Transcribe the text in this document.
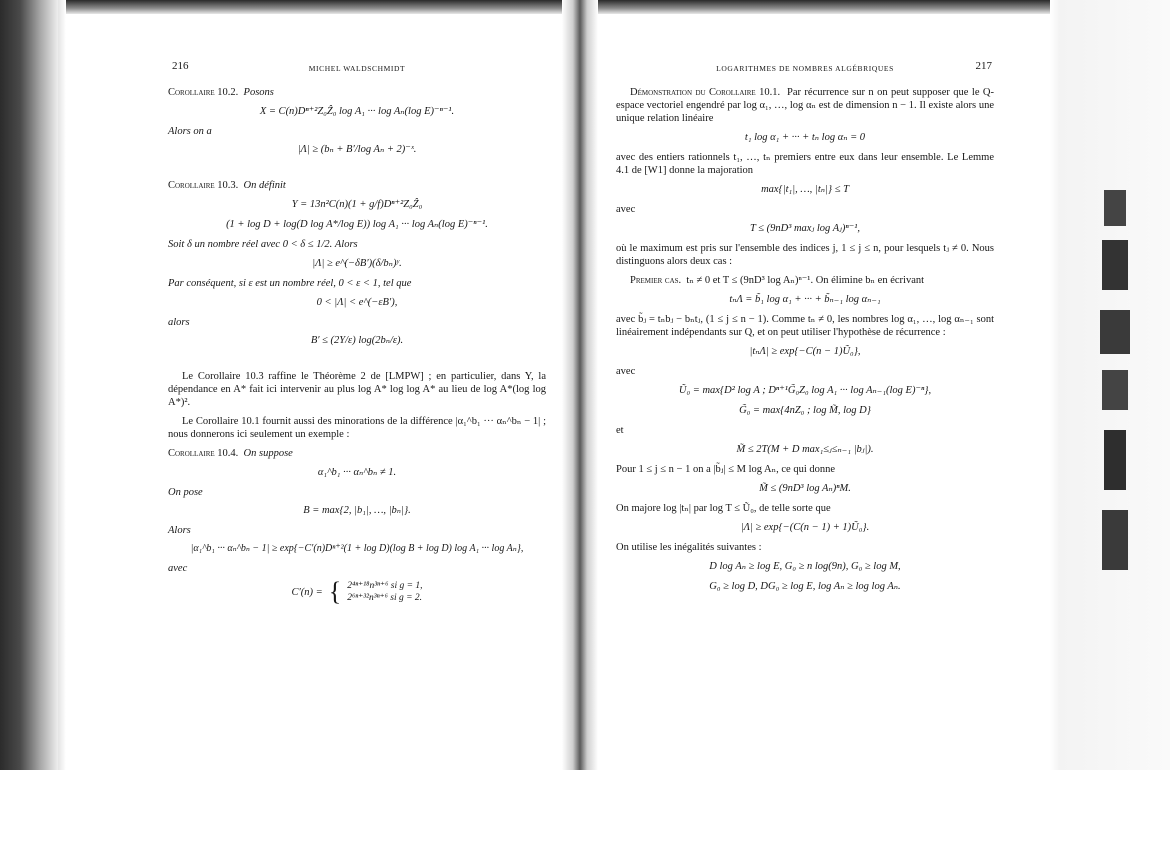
216	MICHEL WALDSCHMIDT
Corollaire 10.2. Posons
X = C(n)Dⁿ⁺²Z₀Ẑ₀ log A₁ ··· log Aₙ(log E)⁻ⁿ⁻¹.
Alors on a
|Λ| ≥ (bₙ + B′/log Aₙ + 2)⁻ˣ.
Corollaire 10.3. On définit
Y = 13n²C(n)(1 + g/f)Dⁿ⁺²Z₀Ẑ₀
(1 + log D + log(D log A*/log E)) log A₁ ··· log Aₙ(log E)⁻ⁿ⁻¹.
Soit δ un nombre réel avec 0 < δ ≤ 1/2. Alors
|Λ| ≥ e^(−δB′)(δ/bₙ)ʸ.
Par conséquent, si ε est un nombre réel, 0 < ε < 1, tel que
0 < |Λ| < e^(−εB′),
alors
B′ ≤ (2Y/ε) log(2bₙ/ε).
Le Corollaire 10.3 raffine le Théorème 2 de [LMPW] ; en particulier, dans Y, la dépendance en A* fait ici intervenir au plus log A* log log A* au lieu de log A*(log log A*)².
Le Corollaire 10.1 fournit aussi des minorations de la différence |α₁^b₁ ··· αₙ^bₙ − 1| ; nous donnerons ici seulement un exemple :
Corollaire 10.4. On suppose
α₁^b₁ ··· αₙ^bₙ ≠ 1.
On pose
B = max{2, |b₁|, …, |bₙ|}.
Alors
|α₁^b₁ ··· αₙ^bₙ − 1| ≥ exp{−C′(n)Dⁿ⁺²(1 + log D)(log B + log D) log A₁ ··· log Aₙ},
avec
C′(n) = { 2⁴ⁿ⁺¹⁸n³ⁿ⁺⁶ si g = 1,
2⁶ⁿ⁺³²n³ⁿ⁺⁶ si g = 2.
LOGARITHMES DE NOMBRES ALGÉBRIQUES	217
Démonstration du Corollaire 10.1. Par récurrence sur n on peut supposer que le Q-espace vectoriel engendré par log α₁, …, log αₙ est de dimension n − 1. Il existe alors une unique relation linéaire
t₁ log α₁ + ··· + tₙ log αₙ = 0
avec des entiers rationnels t₁, …, tₙ premiers entre eux dans leur ensemble. Le Lemme 4.1 de [W1] donne la majoration
max{|t₁|, …, |tₙ|} ≤ T
avec
T ≤ (9nD³ maxⱼ log Aⱼ)ⁿ⁻¹,
où le maximum est pris sur l'ensemble des indices j, 1 ≤ j ≤ n, pour lesquels tⱼ ≠ 0. Nous distinguons alors deux cas :
Premier cas. tₙ ≠ 0 et T ≤ (9nD³ log Aₙ)ⁿ⁻¹. On élimine bₙ en écrivant
tₙΛ = b̃₁ log α₁ + ··· + b̃ₙ₋₁ log αₙ₋₁
avec b̃ⱼ = tₙbⱼ − bₙtⱼ, (1 ≤ j ≤ n − 1). Comme tₙ ≠ 0, les nombres log α₁, …, log αₙ₋₁ sont linéairement indépendants sur Q, et on peut utiliser l'hypothèse de récurrence :
|tₙΛ| ≥ exp{−C(n − 1)Ũ₀},
avec
Ũ₀ = max{D² log A ; Dⁿ⁺¹G̃₀Z₀ log A₁ ··· log Aₙ₋₁(log E)⁻ⁿ},
G̃₀ = max{4nZ₀ ; log M̃, log D}
et
M̃ ≤ 2T(M + D max₁≤ⱼ≤ₙ₋₁ |bⱼ|).
Pour 1 ≤ j ≤ n − 1 on a |b̃ⱼ| ≤ M log Aₙ, ce qui donne
M̃ ≤ (9nD³ log Aₙ)ⁿM.
On majore log |tₙ| par log T ≤ Ũ₀, de telle sorte que
|Λ| ≥ exp{−(C(n − 1) + 1)Ũ₀}.
On utilise les inégalités suivantes :
D log Aₙ ≥ log E, G₀ ≥ n log(9n), G₀ ≥ log M,
G₀ ≥ log D, DG₀ ≥ log E, log Aₙ ≥ log log Aₙ.
